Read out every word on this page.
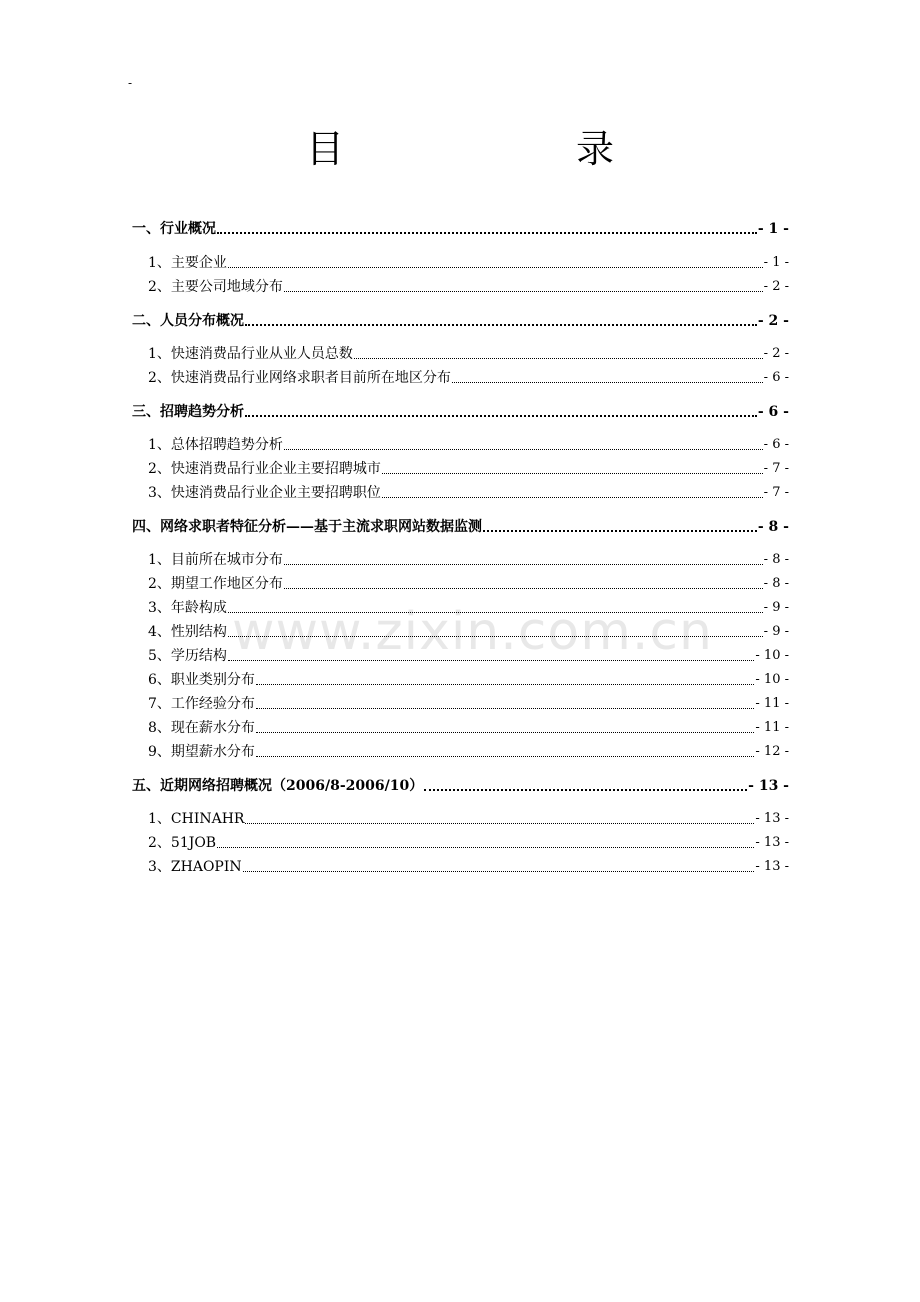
-
目　　录
www.zixin.com.cn
一、行业概况	- 1 -
1、主要企业	- 1 -
2、主要公司地域分布	- 2 -
二、人员分布概况	- 2 -
1、快速消费品行业从业人员总数	- 2 -
2、快速消费品行业网络求职者目前所在地区分布	- 6 -
三、招聘趋势分析	- 6 -
1、总体招聘趋势分析	- 6 -
2、快速消费品行业企业主要招聘城市	- 7 -
3、快速消费品行业企业主要招聘职位	- 7 -
四、网络求职者特征分析——基于主流求职网站数据监测	- 8 -
1、目前所在城市分布	- 8 -
2、期望工作地区分布	- 8 -
3、年龄构成	- 9 -
4、性别结构	- 9 -
5、学历结构	- 10 -
6、职业类别分布	- 10 -
7、工作经验分布	- 11 -
8、现在薪水分布	- 11 -
9、期望薪水分布	- 12 -
五、近期网络招聘概况（2006/8-2006/10）	- 13 -
1、CHINAHR	- 13 -
2、51JOB	- 13 -
3、ZHAOPIN	- 13 -
